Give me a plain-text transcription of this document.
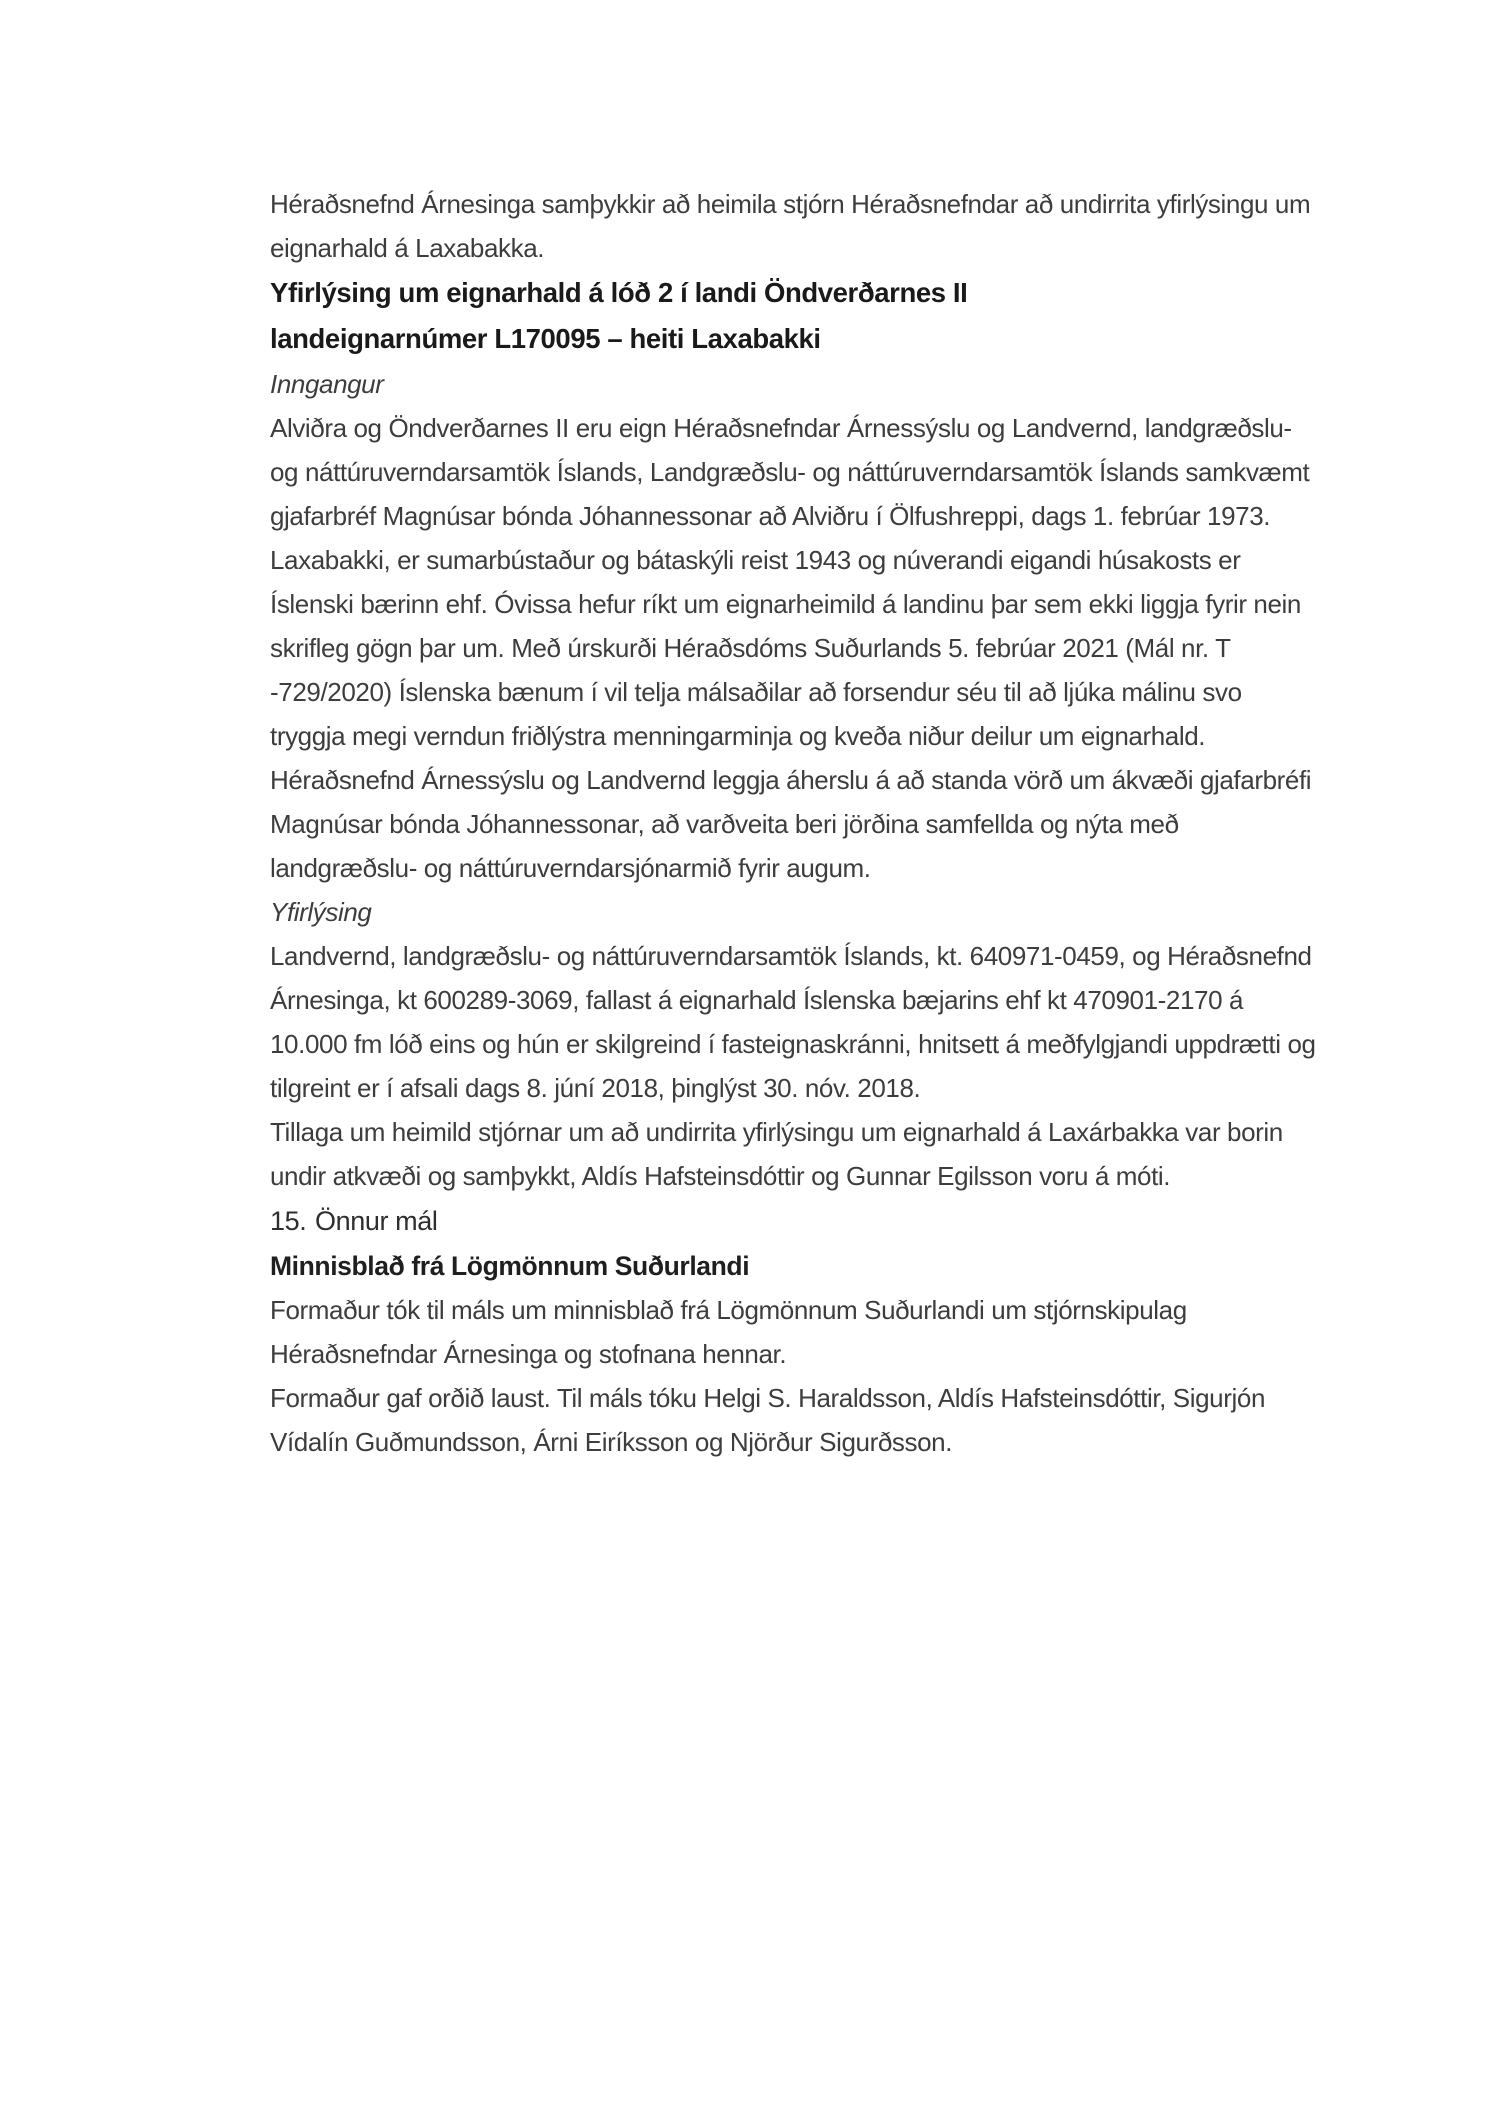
Héraðsnefnd Árnesinga samþykkir að heimila stjórn Héraðsnefndar að undirrita yfirlýsingu um eignarhald á Laxabakka.

Yfirlýsing um eignarhald á lóð 2 í landi Öndverðarnes II
landeignarnúmer L170095 – heiti Laxabakki

Inngangur

Alviðra og Öndverðarnes II eru eign Héraðsnefndar Árnessýslu og Landvernd, landgræðslu- og náttúruverndarsamtök Íslands, Landgræðslu- og náttúruverndarsamtök Íslands samkvæmt gjafarbréf Magnúsar bónda Jóhannessonar að Alviðru í Ölfushreppi, dags 1. febrúar 1973.

Laxabakki, er sumarbústaður og bátaskýli reist 1943 og núverandi eigandi húsakosts er Íslenski bærinn ehf. Óvissa hefur ríkt um eignarheimild á landinu þar sem ekki liggja fyrir nein skrifleg gögn þar um. Með úrskurði Héraðsdóms Suðurlands 5. febrúar 2021 (Mál nr. T -729/2020) Íslenska bænum í vil telja málsaðilar að forsendur séu til að ljúka málinu svo tryggja megi verndun friðlýstra menningarminja og kveða niður deilur um eignarhald.

Héraðsnefnd Árnessýslu og Landvernd leggja áherslu á að standa vörð um ákvæði gjafarbréfi Magnúsar bónda Jóhannessonar, að varðveita beri jörðina samfellda og nýta með landgræðslu- og náttúruverndarsjónarmið fyrir augum.

Yfirlýsing

Landvernd, landgræðslu- og náttúruverndarsamtök Íslands, kt. 640971-0459, og Héraðsnefnd Árnesinga, kt 600289-3069, fallast á eignarhald Íslenska bæjarins ehf kt 470901-2170 á 10.000 fm lóð eins og hún er skilgreind í fasteignaskránni, hnitsett á meðfylgjandi uppdrætti og tilgreint er í afsali dags 8. júní 2018, þinglýst 30. nóv. 2018.

Tillaga um heimild stjórnar um að undirrita yfirlýsingu um eignarhald á Laxárbakka var borin undir atkvæði og samþykkt, Aldís Hafsteinsdóttir og Gunnar Egilsson voru á móti.

15. Önnur mál

Minnisblað frá Lögmönnum Suðurlandi

Formaður tók til máls um minnisblað frá Lögmönnum Suðurlandi um stjórnskipulag Héraðsnefndar Árnesinga og stofnana hennar.

Formaður gaf orðið laust. Til máls tóku Helgi S. Haraldsson, Aldís Hafsteinsdóttir, Sigurjón Vídalín Guðmundsson, Árni Eiríksson og Njörður Sigurðsson.
